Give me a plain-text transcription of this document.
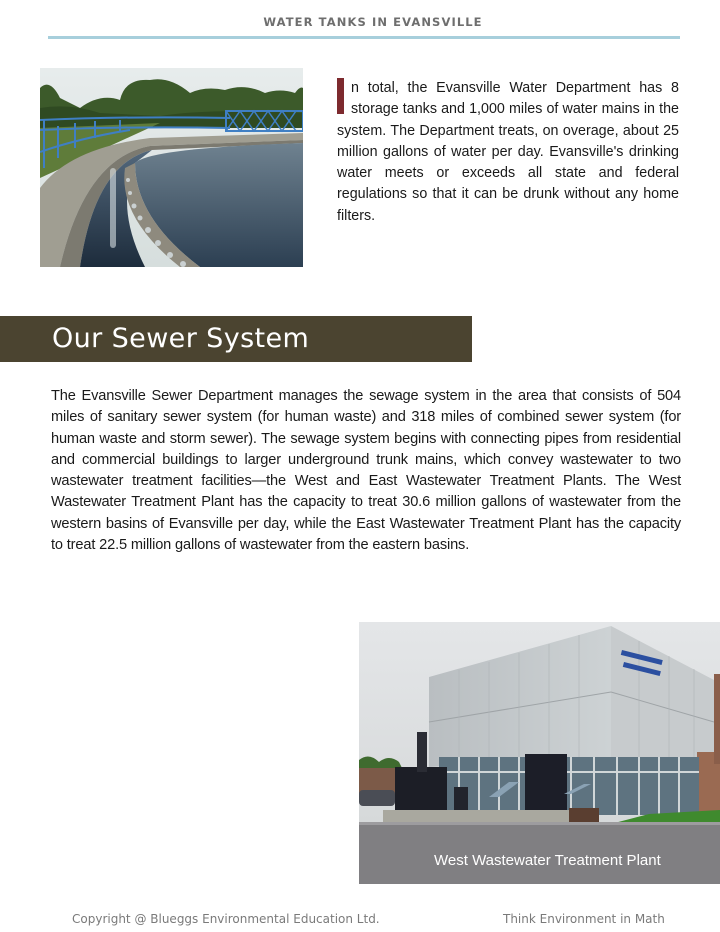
WATER TANKS IN EVANSVILLE
n total, the Evansville Water Department has 8 storage tanks and 1,000 miles of water mains in the system. The Department treats, on overage, about 25 million gallons of water per day. Evansville's drinking water meets or exceeds all state and federal regulations so that it can be drunk without any home filters.
Our Sewer System
The Evansville Sewer Department manages the sewage system in the area that consists of 504 miles of sanitary sewer system (for human waste) and 318 miles of combined sewer system (for human waste and storm sewer). The sewage system begins with connecting pipes from residential and commercial buildings to larger underground trunk mains, which convey wastewater to two wastewater treatment facilities—the West and East Wastewater Treatment Plants. The West Wastewater Treatment Plant has the capacity to treat 30.6 million gallons of wastewater from the western basins of Evansville per day, while the East Wastewater Treatment Plant has the capacity to treat 22.5 million gallons of wastewater from the eastern basins.
West Wastewater Treatment Plant
Copyright @ Blueggs Environmental Education Ltd.	Think Environment in Math
